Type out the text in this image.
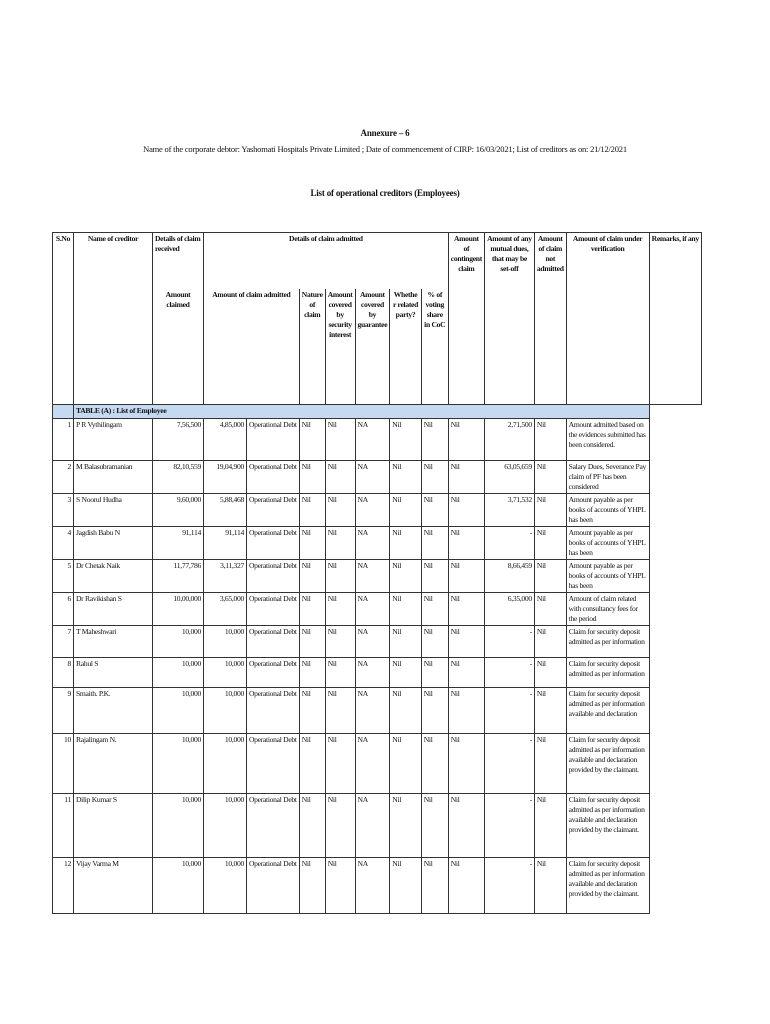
Annexure – 6
Name of the corporate debtor: Yashomati Hospitals Private Limited ; Date of commencement of CIRP: 16/03/2021; List of creditors as on: 21/12/2021
List of operational creditors (Employees)
S.No	Name of creditor	Details of claim received	Details of claim admitted							Amount of contingent claim	Amount of any mutual dues, that may be set-off	Amount of claim not admitted	Amount of claim under verification	Remarks, if any
		Amount claimed	Amount of claim admitted		Nature of claim	Amount covered by security interest	Amount covered by guarantee	Whether related party?	% of voting share in CoC					
	TABLE (A) : List of Employee													
1	P R Vythilingam	7,56,500	4,85,000	Operational Debt	Nil	Nil	NA	Nil	Nil	Nil	2,71,500	Nil	Amount admitted based on the evidences submitted has been considered.	
2	M Balasubramanian	82,10,559	19,04,900	Operational Debt	Nil	Nil	NA	Nil	Nil	Nil	63,05,659	Nil	Salary Dues, Severance Pay claim of PF has been considered	
3	S Noorul Hudha	9,60,000	5,88,468	Operational Debt	Nil	Nil	NA	Nil	Nil	Nil	3,71,532	Nil	Amount payable as per books of accounts of YHPL has been	
4	Jagdish Babu N	91,114	91,114	Operational Debt	Nil	Nil	NA	Nil	Nil	Nil	-	Nil	Amount payable as per books of accounts of YHPL has been	
5	Dr Chetak Naik	11,77,786	3,11,327	Operational Debt	Nil	Nil	NA	Nil	Nil	Nil	8,66,459	Nil	Amount payable as per books of accounts of YHPL has been	
6	Dr Ravikishan S	10,00,000	3,65,000	Operational Debt	Nil	Nil	NA	Nil	Nil	Nil	6,35,000	Nil	Amount of claim related with consultancy fees for the period	
7	T Maheshwari	10,000	10,000	Operational Debt	Nil	Nil	NA	Nil	Nil	Nil	-	Nil	Claim for security deposit admitted as per information	
8	Rahul S	10,000	10,000	Operational Debt	Nil	Nil	NA	Nil	Nil	Nil	-	Nil	Claim for security deposit admitted as per information	
9	Smaith. P.K.	10,000	10,000	Operational Debt	Nil	Nil	NA	Nil	Nil	Nil	-	Nil	Claim for security deposit admitted as per information available and declaration	
10	Rajalingam N.	10,000	10,000	Operational Debt	Nil	Nil	NA	Nil	Nil	Nil	-	Nil	Claim for security deposit admitted as per information available and declaration provided by the claimant.	
11	Dilip Kumar S	10,000	10,000	Operational Debt	Nil	Nil	NA	Nil	Nil	Nil	-	Nil	Claim for security deposit admitted as per information available and declaration provided by the claimant.	
12	Vijay Varma M	10,000	10,000	Operational Debt	Nil	Nil	NA	Nil	Nil	Nil	-	Nil	Claim for security deposit admitted as per information available and declaration provided by the claimant.	
